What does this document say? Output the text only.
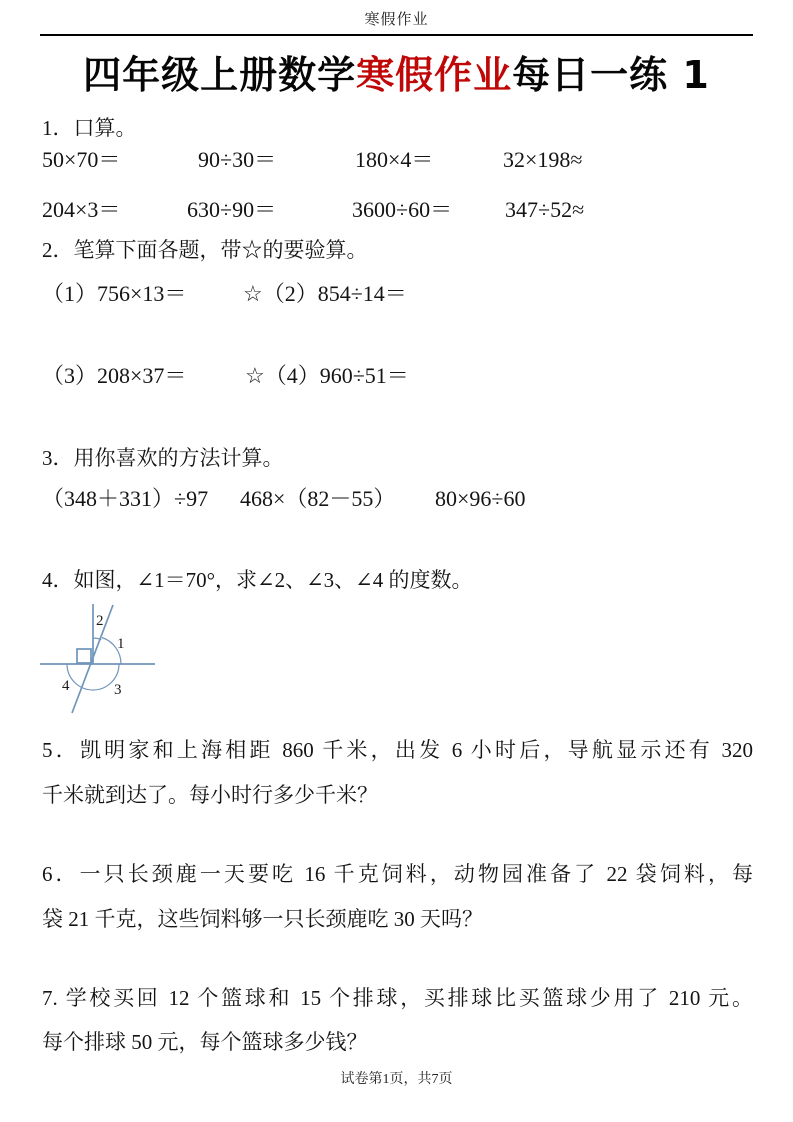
寒假作业
四年级上册数学寒假作业每日一练 1
1．口算。
50×70＝	90÷30＝	180×4＝	32×198≈
204×3＝	630÷90＝	3600÷60＝ 347÷52≈
2．笔算下面各题，带☆的要验算。
（1）756×13＝	☆（2）854÷14＝
（3）208×37＝	☆（4）960÷51＝
3．用你喜欢的方法计算。
（348＋331）÷97 468×（82－55） 80×96÷60
4．如图，∠1＝70°，求∠2、∠3、∠4 的度数。
2
1
4	3
5．凯明家和上海相距 860 千米，出发 6 小时后，导航显示还有 320
千米就到达了。每小时行多少千米？
6．一只长颈鹿一天要吃 16 千克饲料，动物园准备了 22 袋饲料，每
袋 21 千克，这些饲料够一只长颈鹿吃 30 天吗？
7. 学校买回 12 个篮球和 15 个排球，买排球比买篮球少用了 210 元。
每个排球 50 元，每个篮球多少钱？
试卷第1页，共7页
